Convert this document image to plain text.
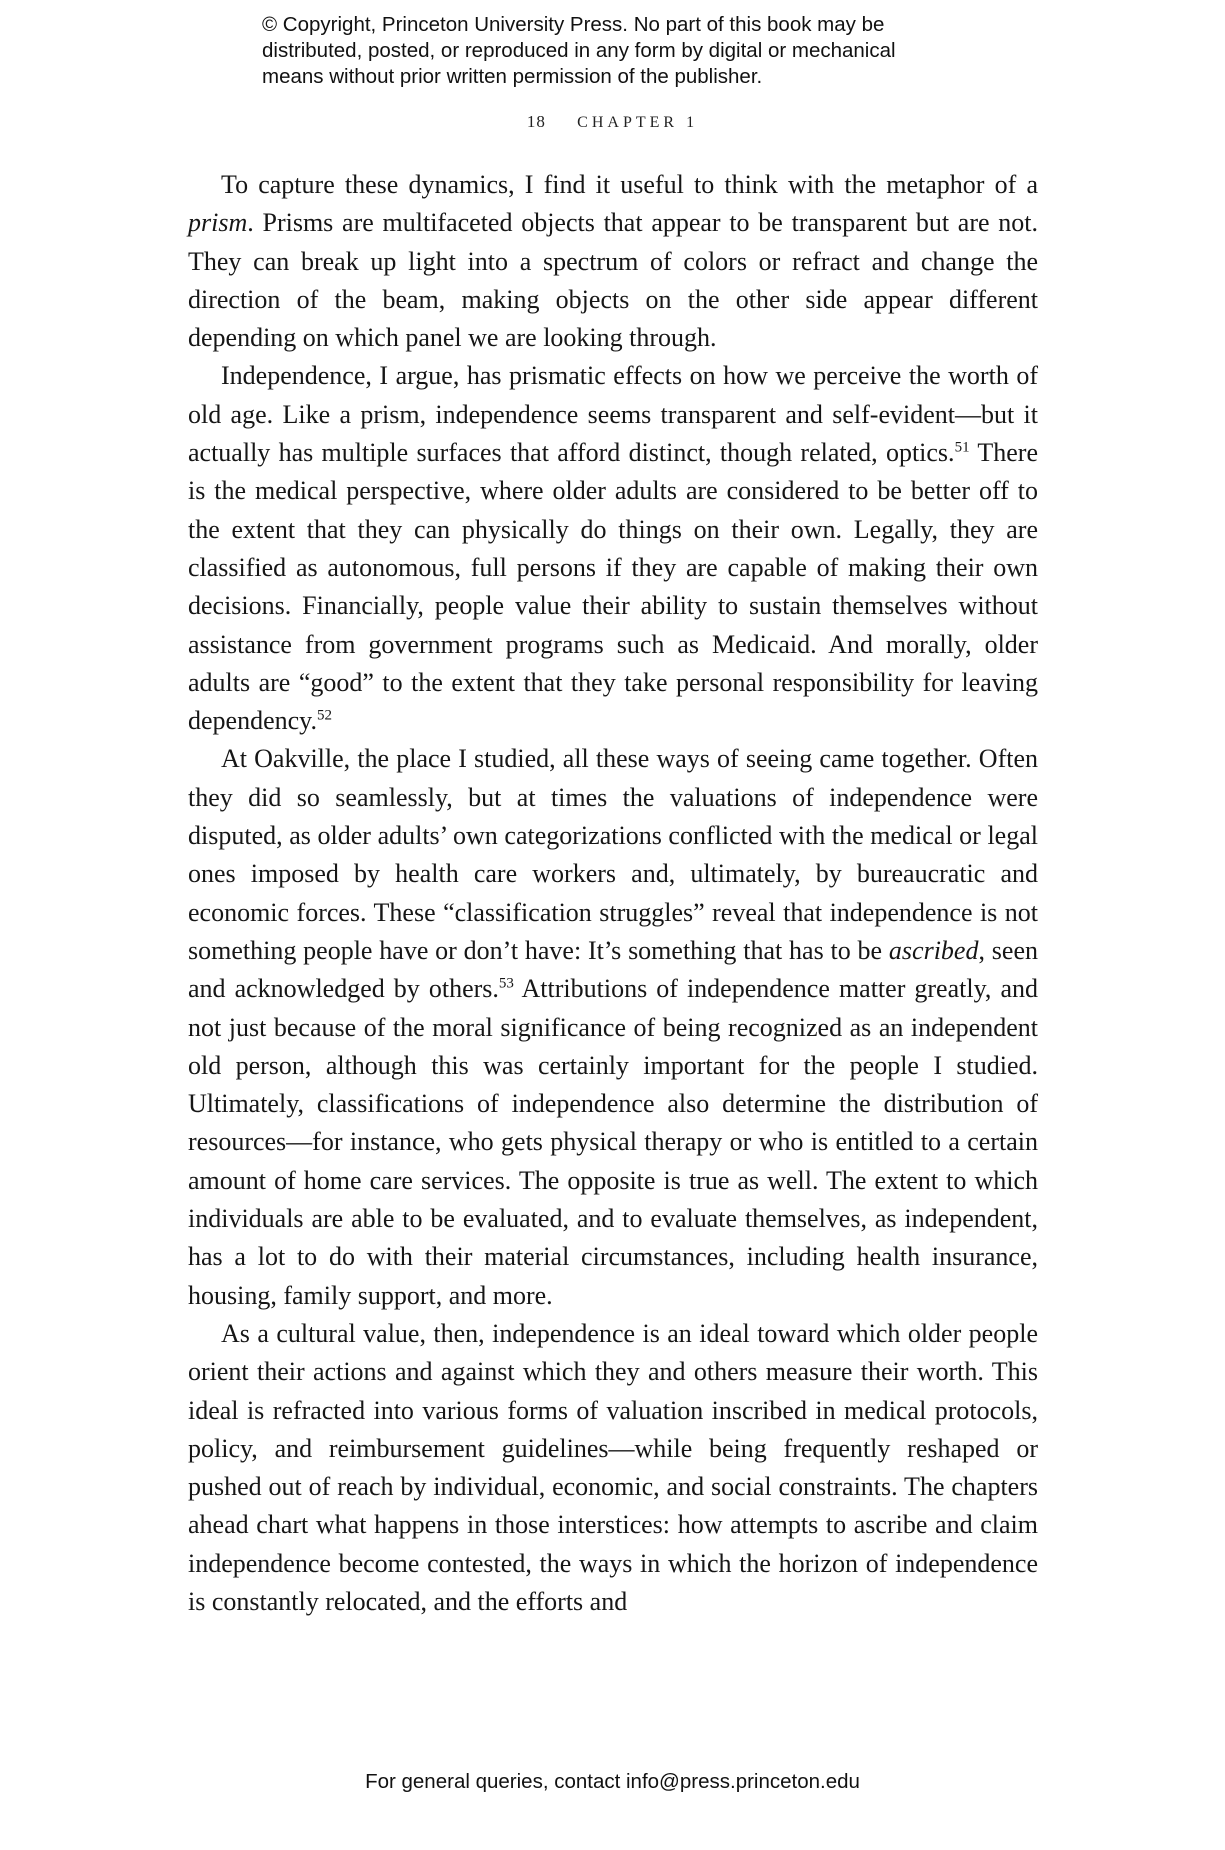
© Copyright, Princeton University Press. No part of this book may be
distributed, posted, or reproduced in any form by digital or mechanical
means without prior written permission of the publisher.
18 CHAPTER 1

To capture these dynamics, I find it useful to think with the metaphor of a prism. Prisms are multifaceted objects that appear to be transparent but are not. They can break up light into a spectrum of colors or refract and change the direction of the beam, making objects on the other side appear different depending on which panel we are looking through.

Independence, I argue, has prismatic effects on how we perceive the worth of old age. Like a prism, independence seems transparent and self-evident—but it actually has multiple surfaces that afford distinct, though related, optics.$^{51}$ There is the medical perspective, where older adults are considered to be better off to the extent that they can physically do things on their own. Legally, they are classified as autonomous, full persons if they are capable of making their own decisions. Financially, people value their ability to sustain themselves without assistance from government programs such as Medicaid. And morally, older adults are “good” to the extent that they take personal responsibility for leaving dependency.$^{52}$

At Oakville, the place I studied, all these ways of seeing came together. Often they did so seamlessly, but at times the valuations of independence were disputed, as older adults’ own categorizations conflicted with the medical or legal ones imposed by health care workers and, ultimately, by bureaucratic and economic forces. These “classification struggles” reveal that independence is not something people have or don’t have: It’s something that has to be ascribed, seen and acknowledged by others.$^{53}$ Attributions of independence matter greatly, and not just because of the moral significance of being recognized as an independent old person, although this was certainly important for the people I studied. Ultimately, classifications of independence also determine the distribution of resources—for instance, who gets physical therapy or who is entitled to a certain amount of home care services. The opposite is true as well. The extent to which individuals are able to be evaluated, and to evaluate themselves, as independent, has a lot to do with their material circumstances, including health insurance, housing, family support, and more.

As a cultural value, then, independence is an ideal toward which older people orient their actions and against which they and others measure their worth. This ideal is refracted into various forms of valuation inscribed in medical protocols, policy, and reimbursement guidelines—while being frequently reshaped or pushed out of reach by individual, economic, and social constraints. The chapters ahead chart what happens in those interstices: how attempts to ascribe and claim independence become contested, the ways in which the horizon of independence is constantly relocated, and the efforts and

For general queries, contact info@press.princeton.edu
